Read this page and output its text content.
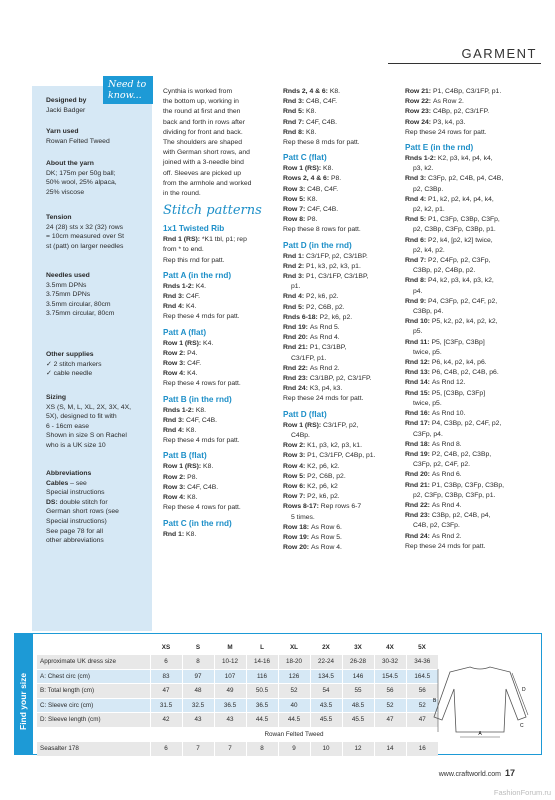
GARMENT
Need to
know...
Designed by
Jacki Badger
Yarn used
Rowan Felted Tweed
About the yarn
DK; 175m per 50g ball;
50% wool, 25% alpaca,
25% viscose
Tension
24 (28) sts x 32 (32) rows
= 10cm measured over St
st (patt) on larger needles
Needles used
3.5mm DPNs
3.75mm DPNs
3.5mm circular, 80cm
3.75mm circular, 80cm
Other supplies
✓ 2 stitch markers
✓ cable needle
Sizing
XS (S, M, L, XL, 2X, 3X, 4X,
5X), designed to fit with
6 - 16cm ease
Shown in size S on Rachel
who is a UK size 10
Abbreviations
Cables – see
Special instructions
DS: double stitch for
German short rows (see
Special instructions)
See page 78 for all
other abbreviations

Cynthia is worked from

the bottom up, working in

the round at first and then

back and forth in rows after

dividing for front and back.

The shoulders are shaped

with German short rows, and

joined with a 3-needle bind

off. Sleeves are picked up

from the armhole and worked

in the round.

Stitch patterns
1x1 Twisted Rib

Rnd 1 (RS): *K1 tbl, p1; rep

from * to end.

Rep this rnd for patt.

Patt A (in the rnd)

Rnds 1-2: K4.

Rnd 3: C4F.

Rnd 4: K4.

Rep these 4 rnds for patt.

Patt A (flat)

Row 1 (RS): K4.

Row 2: P4.

Row 3: C4F.

Row 4: K4.

Rep these 4 rows for patt.

Patt B (in the rnd)

Rnds 1-2: K8.

Rnd 3: C4F, C4B.

Rnd 4: K8.

Rep these 4 rnds for patt.

Patt B (flat)

Row 1 (RS): K8.

Row 2: P8.

Row 3: C4F, C4B.

Row 4: K8.

Rep these 4 rows for patt.

Patt C (in the rnd)

Rnd 1: K8.

Rnds 2, 4 & 6: K8.

Rnd 3: C4B, C4F.

Rnd 5: K8.

Rnd 7: C4F, C4B.

Rnd 8: K8.

Rep these 8 rnds for patt.

Patt C (flat)

Row 1 (RS): K8.

Rows 2, 4 & 6: P8.

Row 3: C4B, C4F.

Row 5: K8.

Row 7: C4F, C4B.

Row 8: P8.

Rep these 8 rows for patt.

Patt D (in the rnd)

Rnd 1: C3/1FP, p2, C3/1BP.

Rnd 2: P1, k3, p2, k3, p1.

Rnd 3: P1, C3/1FP, C3/1BP,

p1.

Rnd 4: P2, k6, p2.

Rnd 5: P2, C6B, p2.

Rnds 6-18: P2, k6, p2.

Rnd 19: As Rnd 5.

Rnd 20: As Rnd 4.

Rnd 21: P1, C3/1BP,

C3/1FP, p1.

Rnd 22: As Rnd 2.

Rnd 23: C3/1BP, p2, C3/1FP.

Rnd 24: K3, p4, k3.

Rep these 24 rnds for patt.

Patt D (flat)

Row 1 (RS): C3/1FP, p2,

C4Bp.

Row 2: K1, p3, k2, p3, k1.

Row 3: P1, C3/1FP, C4Bp, p1.

Row 4: K2, p6, k2.

Row 5: P2, C6B, p2.

Row 6: K2, p6, k2

Row 7: P2, k6, p2.

Rows 8-17: Rep rows 6-7

5 times.

Row 18: As Row 6.

Row 19: As Row 5.

Row 20: As Row 4.

Row 21: P1, C4Bp, C3/1FP, p1.

Row 22: As Row 2.

Row 23: C4Bp, p2, C3/1FP.

Row 24: P3, k4, p3.

Rep these 24 rows for patt.

Patt E (in the rnd)

Rnds 1-2: K2, p3, k4, p4, k4,

p3, k2.

Rnd 3: C3Fp, p2, C4B, p4, C4B,

p2, C3Bp.

Rnd 4: P1, k2, p2, k4, p4, k4,

p2, k2, p1.

Rnd 5: P1, C3Fp, C3Bp, C3Fp,

p2, C3Bp, C3Fp, C3Bp, p1.

Rnd 6: P2, k4, [p2, k2] twice,

p2, k4, p2.

Rnd 7: P2, C4Fp, p2, C3Fp,

C3Bp, p2, C4Bp, p2.

Rnd 8: P4, k2, p3, k4, p3, k2,

p4.

Rnd 9: P4, C3Fp, p2, C4F, p2,

C3Bp, p4.

Rnd 10: P5, k2, p2, k4, p2, k2,

p5.

Rnd 11: P5, [C3Fp, C3Bp]

twice, p5.

Rnd 12: P6, k4, p2, k4, p6.

Rnd 13: P6, C4B, p2, C4B, p6.

Rnd 14: As Rnd 12.

Rnd 15: P5, [C3Bp, C3Fp]

twice, p5.

Rnd 16: As Rnd 10.

Rnd 17: P4, C3Bp, p2, C4F, p2,

C3Fp, p4.

Rnd 18: As Rnd 8.

Rnd 19: P2, C4B, p2, C3Bp,

C3Fp, p2, C4F, p2.

Rnd 20: As Rnd 6.

Rnd 21: P1, C3Bp, C3Fp, C3Bp,

p2, C3Fp, C3Bp, C3Fp, p1.

Rnd 22: As Rnd 4.

Rnd 23: C3Bp, p2, C4B, p4,

C4B, p2, C3Fp.

Rnd 24: As Rnd 2.

Rep these 24 rnds for patt.

Find your size
	XS	S	M	L	XL	2X	3X	4X	5X
Approximate UK dress size	6	8	10-12	14-16	18-20	22-24	26-28	30-32	34-36
A: Chest circ (cm)	83	97	107	116	126	134.5	146	154.5	164.5
B: Total length (cm)	47	48	49	50.5	52	54	55	56	56
C: Sleeve circ (cm)	31.5	32.5	36.5	36.5	40	43.5	48.5	52	52
D: Sleeve length (cm)	42	43	43	44.5	44.5	45.5	45.5	47	47
	Rowan Felted Tweed								
Seasalter 178	6	7	7	8	9	10	12	14	16
A
B
C
D
www.craftworld.com 17
FashionForum.ru
